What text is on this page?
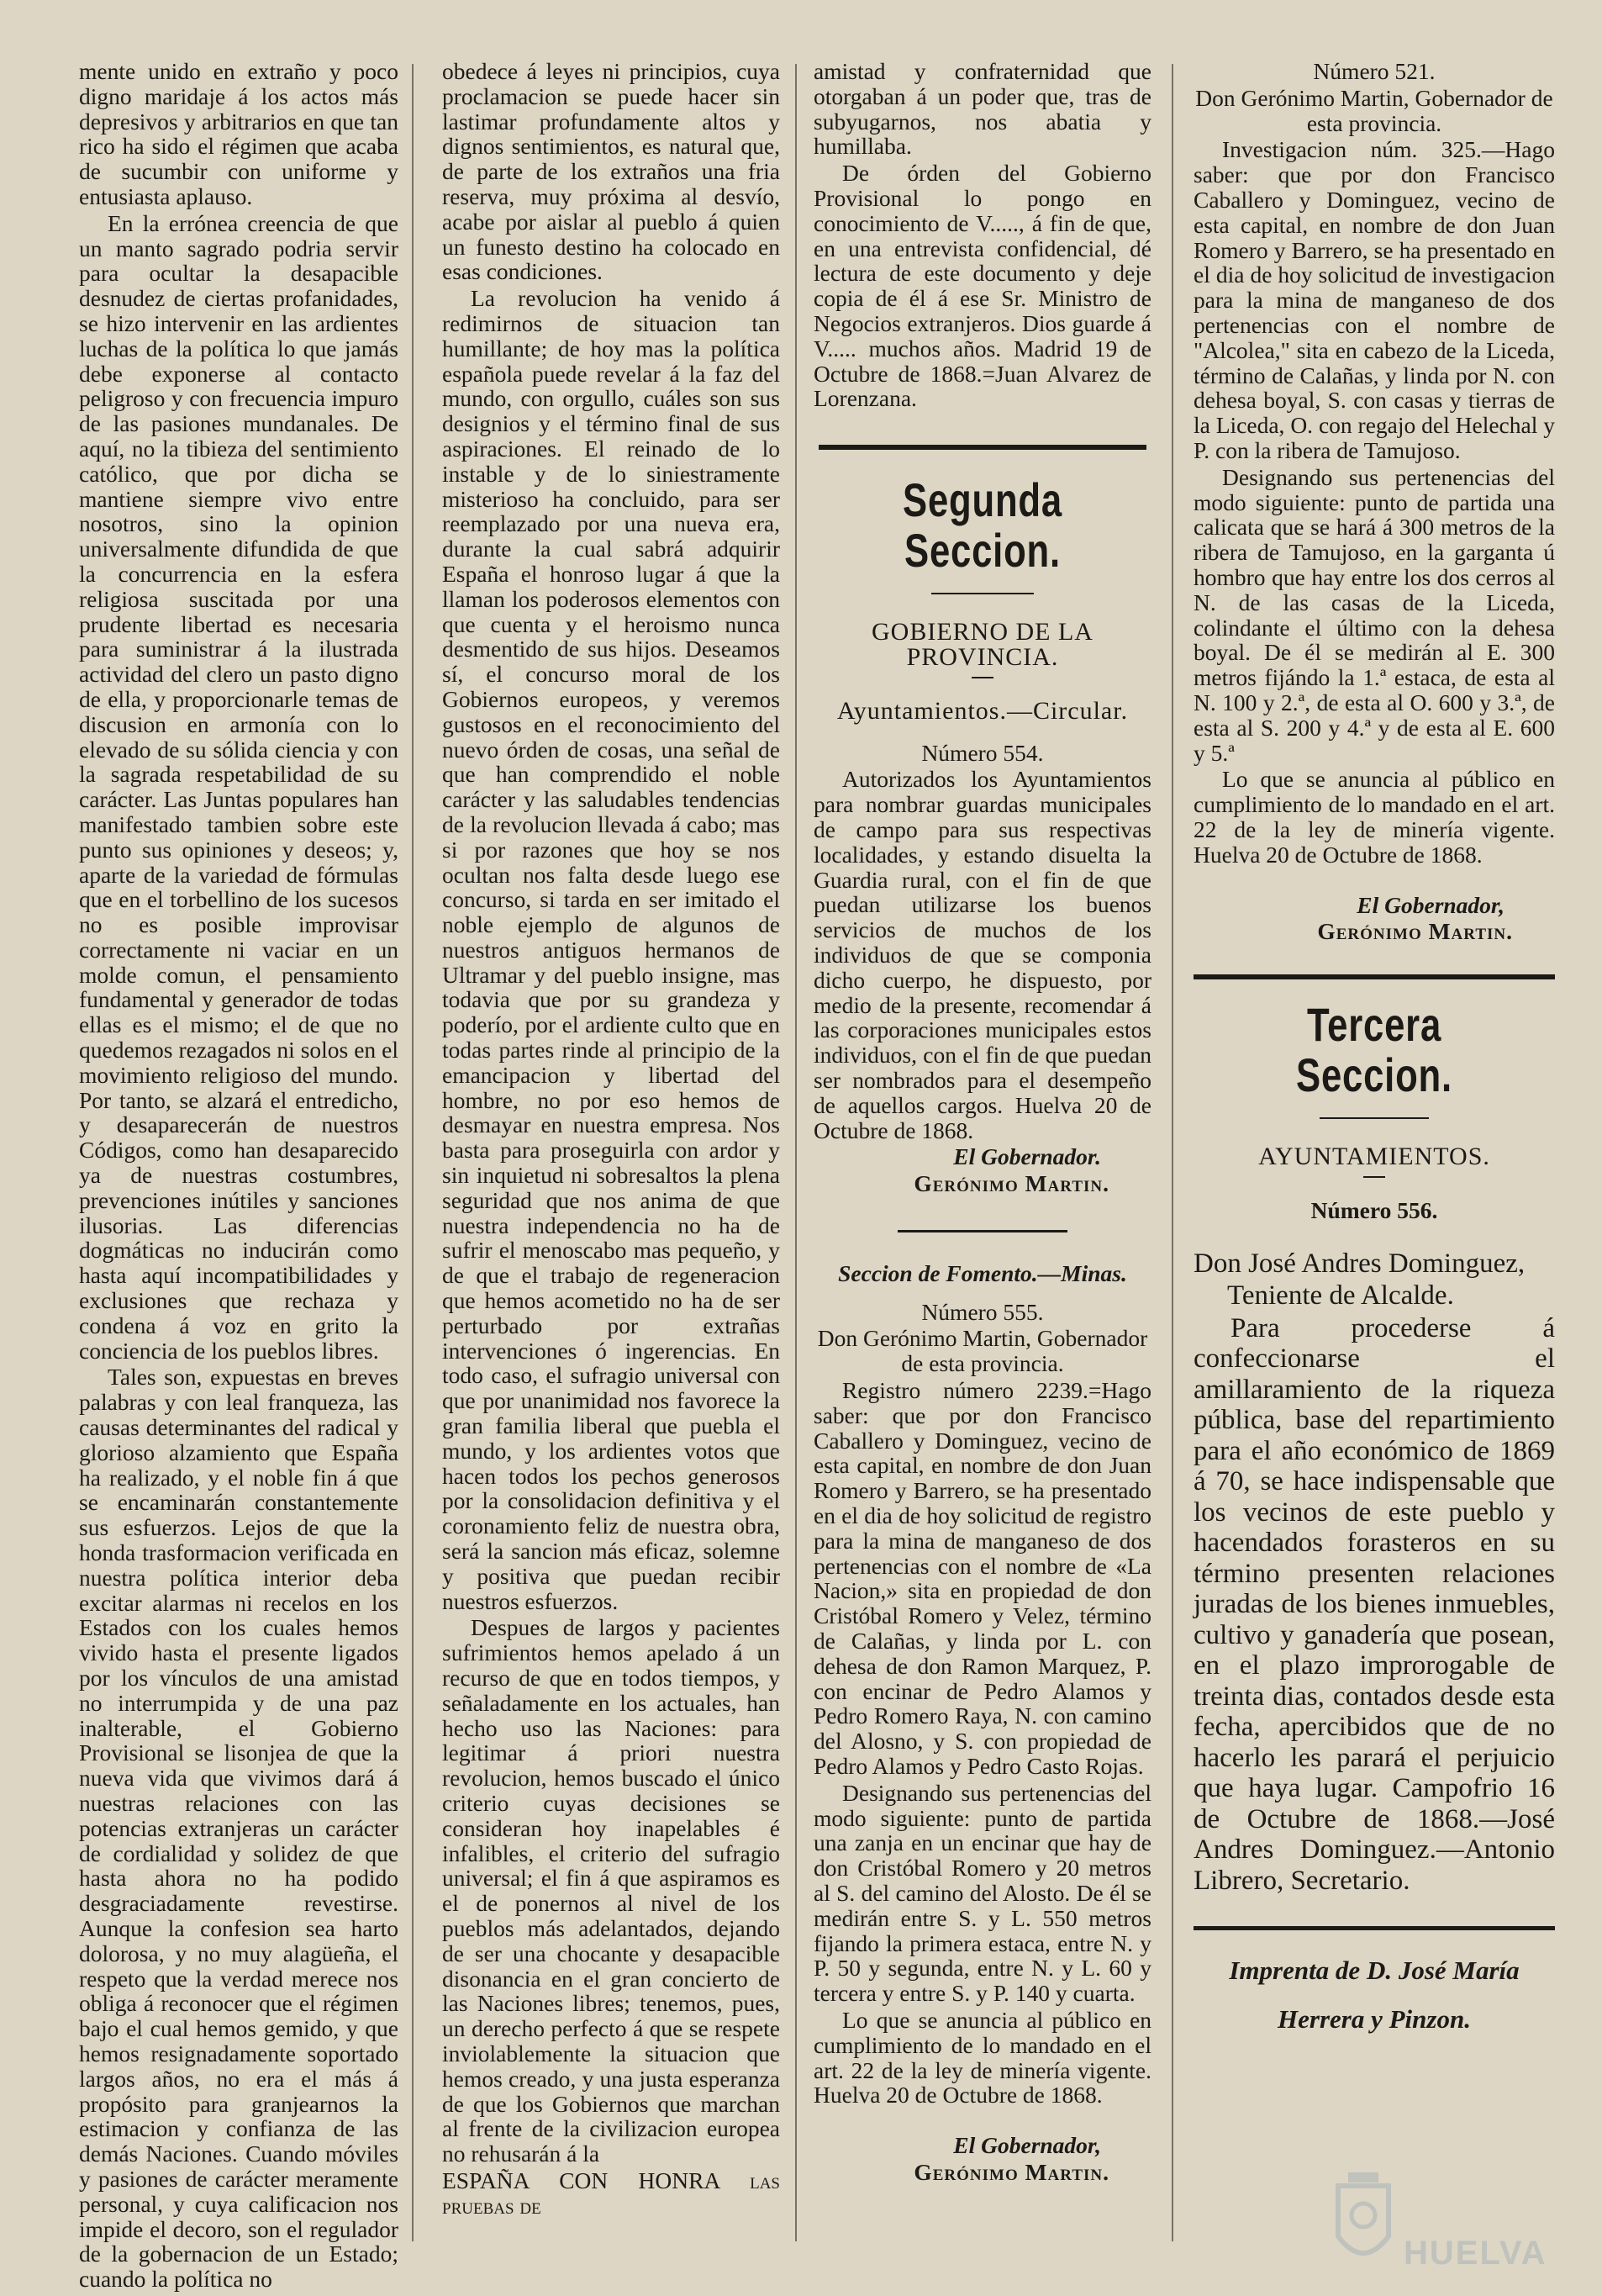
mente unido en extraño y poco digno maridaje á los actos más depresivos y arbitrarios en que tan rico ha sido el régimen que acaba de sucumbir con uniforme y entusiasta aplauso.

En la errónea creencia de que un manto sagrado podria servir para ocultar la desapacible desnudez de ciertas profanidades, se hizo intervenir en las ardientes luchas de la política lo que jamás debe exponerse al contacto peligroso y con frecuencia impuro de las pasiones mundanales. De aquí, no la tibieza del sentimiento católico, que por dicha se mantiene siempre vivo entre nosotros, sino la opinion universalmente difundida de que la concurrencia en la esfera religiosa suscitada por una prudente libertad es necesaria para suministrar á la ilustrada actividad del clero un pasto digno de ella, y proporcionarle temas de discusion en armonía con lo elevado de su sólida ciencia y con la sagrada respetabilidad de su carácter. Las Juntas populares han manifestado tambien sobre este punto sus opiniones y deseos; y, aparte de la variedad de fórmulas que en el torbellino de los sucesos no es posible improvisar correctamente ni vaciar en un molde comun, el pensamiento fundamental y generador de todas ellas es el mismo; el de que no quedemos rezagados ni solos en el movimiento religioso del mundo. Por tanto, se alzará el entredicho, y desaparecerán de nuestros Códigos, como han desaparecido ya de nuestras costumbres, prevenciones inútiles y sanciones ilusorias. Las diferencias dogmáticas no inducirán como hasta aquí incompatibilidades y exclusiones que rechaza y condena á voz en grito la conciencia de los pueblos libres.

Tales son, expuestas en breves palabras y con leal franqueza, las causas determinantes del radical y glorioso alzamiento que España ha realizado, y el noble fin á que se encaminarán constantemente sus esfuerzos. Lejos de que la honda trasformacion verificada en nuestra política interior deba excitar alarmas ni recelos en los Estados con los cuales hemos vivido hasta el presente ligados por los vínculos de una amistad no interrumpida y de una paz inalterable, el Gobierno Provisional se lisonjea de que la nueva vida que vivimos dará á nuestras relaciones con las potencias extranjeras un carácter de cordialidad y solidez de que hasta ahora no ha podido desgraciadamente revestirse. Aunque la confesion sea harto dolorosa, y no muy alagüeña, el respeto que la verdad merece nos obliga á reconocer que el régimen bajo el cual hemos gemido, y que hemos resignadamente soportado largos años, no era el más á propósito para granjearnos la estimacion y confianza de las demás Naciones. Cuando móviles y pasiones de carácter meramente personal, y cuya calificacion nos impide el decoro, son el regulador de la gobernacion de un Estado; cuando la política no

obedece á leyes ni principios, cuya proclamacion se puede hacer sin lastimar profundamente altos y dignos sentimientos, es natural que, de parte de los extraños una fria reserva, muy próxima al desvío, acabe por aislar al pueblo á quien un funesto destino ha colocado en esas condiciones.

La revolucion ha venido á redimirnos de situacion tan humillante; de hoy mas la política española puede revelar á la faz del mundo, con orgullo, cuáles son sus designios y el término final de sus aspiraciones. El reinado de lo instable y de lo siniestramente misterioso ha concluido, para ser reemplazado por una nueva era, durante la cual sabrá adquirir España el honroso lugar á que la llaman los poderosos elementos con que cuenta y el heroismo nunca desmentido de sus hijos. Deseamos sí, el concurso moral de los Gobiernos europeos, y veremos gustosos en el reconocimiento del nuevo órden de cosas, una señal de que han comprendido el noble carácter y las saludables tendencias de la revolucion llevada á cabo; mas si por razones que hoy se nos ocultan nos falta desde luego ese concurso, si tarda en ser imitado el noble ejemplo de algunos de nuestros antiguos hermanos de Ultramar y del pueblo insigne, mas todavia que por su grandeza y poderío, por el ardiente culto que en todas partes rinde al principio de la emancipacion y libertad del hombre, no por eso hemos de desmayar en nuestra empresa. Nos basta para proseguirla con ardor y sin inquietud ni sobresaltos la plena seguridad que nos anima de que nuestra independencia no ha de sufrir el menoscabo mas pequeño, y de que el trabajo de regeneracion que hemos acometido no ha de ser perturbado por extrañas intervenciones ó ingerencias. En todo caso, el sufragio universal con que por unanimidad nos favorece la gran familia liberal que puebla el mundo, y los ardientes votos que hacen todos los pechos generosos por la consolidacion definitiva y el coronamiento feliz de nuestra obra, será la sancion más eficaz, solemne y positiva que puedan recibir nuestros esfuerzos.

Despues de largos y pacientes sufrimientos hemos apelado á un recurso de que en todos tiempos, y señaladamente en los actuales, han hecho uso las Naciones: para legitimar á priori nuestra revolucion, hemos buscado el único criterio cuyas decisiones se consideran hoy inapelables é infalibles, el criterio del sufragio universal; el fin á que aspiramos es el de ponernos al nivel de los pueblos más adelantados, dejando de ser una chocante y desapacible disonancia en el gran concierto de las Naciones libres; tenemos, pues, un derecho perfecto á que se respete inviolablemente la situacion que hemos creado, y una justa esperanza de que los Gobiernos que marchan al frente de la civilizacion europea no rehusarán á la

ESPAÑA CON HONRA las pruebas de

amistad y confraternidad que otorgaban á un poder que, tras de subyugarnos, nos abatia y humillaba.

De órden del Gobierno Provisional lo pongo en conocimiento de V....., á fin de que, en una entrevista confidencial, dé lectura de este documento y deje copia de él á ese Sr. Ministro de Negocios extranjeros. Dios guarde á V..... muchos años. Madrid 19 de Octubre de 1868.=Juan Alvarez de Lorenzana.

Segunda Seccion.
GOBIERNO DE LA PROVINCIA.
Ayuntamientos.—Circular.

Número 554.

Autorizados los Ayuntamientos para nombrar guardas municipales de campo para sus respectivas localidades, y estando disuelta la Guardia rural, con el fin de que puedan utilizarse los buenos servicios de muchos de los individuos de que se componia dicho cuerpo, he dispuesto, por medio de la presente, recomendar á las corporaciones municipales estos individuos, con el fin de que puedan ser nombrados para el desempeño de aquellos cargos. Huelva 20 de Octubre de 1868.

El Gobernador.

Gerónimo Martin.

Seccion de Fomento.—Minas.

Número 555.

Don Gerónimo Martin, Gobernador de esta provincia.

Registro número 2239.=Hago saber: que por don Francisco Caballero y Dominguez, vecino de esta capital, en nombre de don Juan Romero y Barrero, se ha presentado en el dia de hoy solicitud de registro para la mina de manganeso de dos pertenencias con el nombre de «La Nacion,» sita en propiedad de don Cristóbal Romero y Velez, término de Calañas, y linda por L. con dehesa de don Ramon Marquez, P. con encinar de Pedro Alamos y Pedro Romero Raya, N. con camino del Alosno, y S. con propiedad de Pedro Alamos y Pedro Casto Rojas.

Designando sus pertenencias del modo siguiente: punto de partida una zanja en un encinar que hay de don Cristóbal Romero y 20 metros al S. del camino del Alosto. De él se medirán entre S. y L. 550 metros fijando la primera estaca, entre N. y P. 50 y segunda, entre N. y L. 60 y tercera y entre S. y P. 140 y cuarta.

Lo que se anuncia al público en cumplimiento de lo mandado en el art. 22 de la ley de minería vigente. Huelva 20 de Octubre de 1868.

El Gobernador,

Gerónimo Martin.

Número 521.

Don Gerónimo Martin, Gobernador de esta provincia.

Investigacion núm. 325.—Hago saber: que por don Francisco Caballero y Dominguez, vecino de esta capital, en nombre de don Juan Romero y Barrero, se ha presentado en el dia de hoy solicitud de investigacion para la mina de manganeso de dos pertenencias con el nombre de "Alcolea," sita en cabezo de la Liceda, término de Calañas, y linda por N. con dehesa boyal, S. con casas y tierras de la Liceda, O. con regajo del Helechal y P. con la ribera de Tamujoso.

Designando sus pertenencias del modo siguiente: punto de partida una calicata que se hará á 300 metros de la ribera de Tamujoso, en la garganta ú hombro que hay entre los dos cerros al N. de las casas de la Liceda, colindante el último con la dehesa boyal. De él se medirán al E. 300 metros fijándo la 1.ª estaca, de esta al N. 100 y 2.ª, de esta al O. 600 y 3.ª, de esta al S. 200 y 4.ª y de esta al E. 600 y 5.ª

Lo que se anuncia al público en cumplimiento de lo mandado en el art. 22 de la ley de minería vigente. Huelva 20 de Octubre de 1868.

El Gobernador,

Gerónimo Martin.

Tercera Seccion.
AYUNTAMIENTOS.

Número 556.

Don José Andres Dominguez,

Teniente de Alcalde.

Para procederse á confeccionarse el amillaramiento de la riqueza pública, base del repartimiento para el año económico de 1869 á 70, se hace indispensable que los vecinos de este pueblo y hacendados forasteros en su término presenten relaciones juradas de los bienes inmuebles, cultivo y ganadería que posean, en el plazo improrogable de treinta dias, contados desde esta fecha, apercibidos que de no hacerlo les parará el perjuicio que haya lugar. Campofrio 16 de Octubre de 1868.—José Andres Dominguez.—Antonio Librero, Secretario.

Imprenta de D. José María

Herrera y Pinzon.

HUELVA
